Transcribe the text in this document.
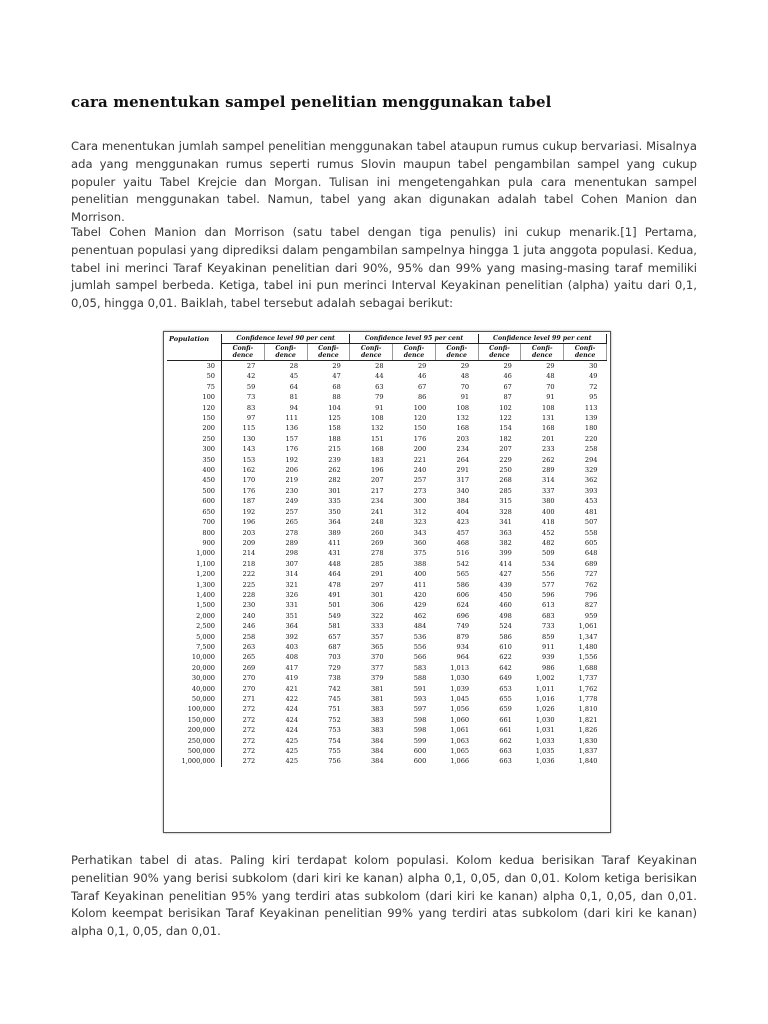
cara menentukan sampel penelitian menggunakan tabel

Cara menentukan jumlah sampel penelitian menggunakan tabel ataupun rumus cukup bervariasi. Misalnya ada yang menggunakan rumus seperti rumus Slovin maupun tabel pengambilan sampel yang cukup populer yaitu Tabel Krejcie dan Morgan. Tulisan ini mengetengahkan pula cara menentukan sampel penelitian menggunakan tabel. Namun, tabel yang akan digunakan adalah tabel Cohen Manion dan Morrison.

Tabel Cohen Manion dan Morrison (satu tabel dengan tiga penulis) ini cukup menarik.[1] Pertama, penentuan populasi yang diprediksi dalam pengambilan sampelnya hingga 1 juta anggota populasi. Kedua, tabel ini merinci Taraf Keyakinan penelitian dari 90%, 95% dan 99% yang masing-masing taraf memiliki jumlah sampel berbeda. Ketiga, tabel ini pun merinci Interval Keyakinan penelitian (alpha) yaitu dari 0,1, 0,05, hingga 0,01. Baiklah, tabel tersebut adalah sebagai berikut:

Population	Confidence level 90 per cent			Confidence level 95 per cent			Confidence level 99 per cent		
	Confi-
dence	Confi-
dence	Confi-
dence	Confi-
dence	Confi-
dence	Confi-
dence	Confi-
dence	Confi-
dence	Confi-
dence
30	27	28	29	28	29	29	29	29	30
50	42	45	47	44	46	48	46	48	49
75	59	64	68	63	67	70	67	70	72
100	73	81	88	79	86	91	87	91	95
120	83	94	104	91	100	108	102	108	113
150	97	111	125	108	120	132	122	131	139
200	115	136	158	132	150	168	154	168	180
250	130	157	188	151	176	203	182	201	220
300	143	176	215	168	200	234	207	233	258
350	153	192	239	183	221	264	229	262	294
400	162	206	262	196	240	291	250	289	329
450	170	219	282	207	257	317	268	314	362
500	176	230	301	217	273	340	285	337	393
600	187	249	335	234	300	384	315	380	453
650	192	257	350	241	312	404	328	400	481
700	196	265	364	248	323	423	341	418	507
800	203	278	389	260	343	457	363	452	558
900	209	289	411	269	360	468	382	482	605
1,000	214	298	431	278	375	516	399	509	648
1,100	218	307	448	285	388	542	414	534	689
1,200	222	314	464	291	400	565	427	556	727
1,300	225	321	478	297	411	586	439	577	762
1,400	228	326	491	301	420	606	450	596	796
1,500	230	331	501	306	429	624	460	613	827
2,000	240	351	549	322	462	696	498	683	959
2,500	246	364	581	333	484	749	524	733	1,061
5,000	258	392	657	357	536	879	586	859	1,347
7,500	263	403	687	365	556	934	610	911	1,480
10,000	265	408	703	370	566	964	622	939	1,556
20,000	269	417	729	377	583	1,013	642	986	1,688
30,000	270	419	738	379	588	1,030	649	1,002	1,737
40,000	270	421	742	381	591	1,039	653	1,011	1,762
50,000	271	422	745	381	593	1,045	655	1,016	1,778
100,000	272	424	751	383	597	1,056	659	1,026	1,810
150,000	272	424	752	383	598	1,060	661	1,030	1,821
200,000	272	424	753	383	598	1,061	661	1,031	1,826
250,000	272	425	754	384	599	1,063	662	1,033	1,830
500,000	272	425	755	384	600	1,065	663	1,035	1,837
1,000,000	272	425	756	384	600	1,066	663	1,036	1,840

Perhatikan tabel di atas. Paling kiri terdapat kolom populasi. Kolom kedua berisikan Taraf Keyakinan penelitian 90% yang berisi subkolom (dari kiri ke kanan) alpha 0,1, 0,05, dan 0,01. Kolom ketiga berisikan Taraf Keyakinan penelitian 95% yang terdiri atas subkolom (dari kiri ke kanan) alpha 0,1, 0,05, dan 0,01. Kolom keempat berisikan Taraf Keyakinan penelitian 99% yang terdiri atas subkolom (dari kiri ke kanan) alpha 0,1, 0,05, dan 0,01.
